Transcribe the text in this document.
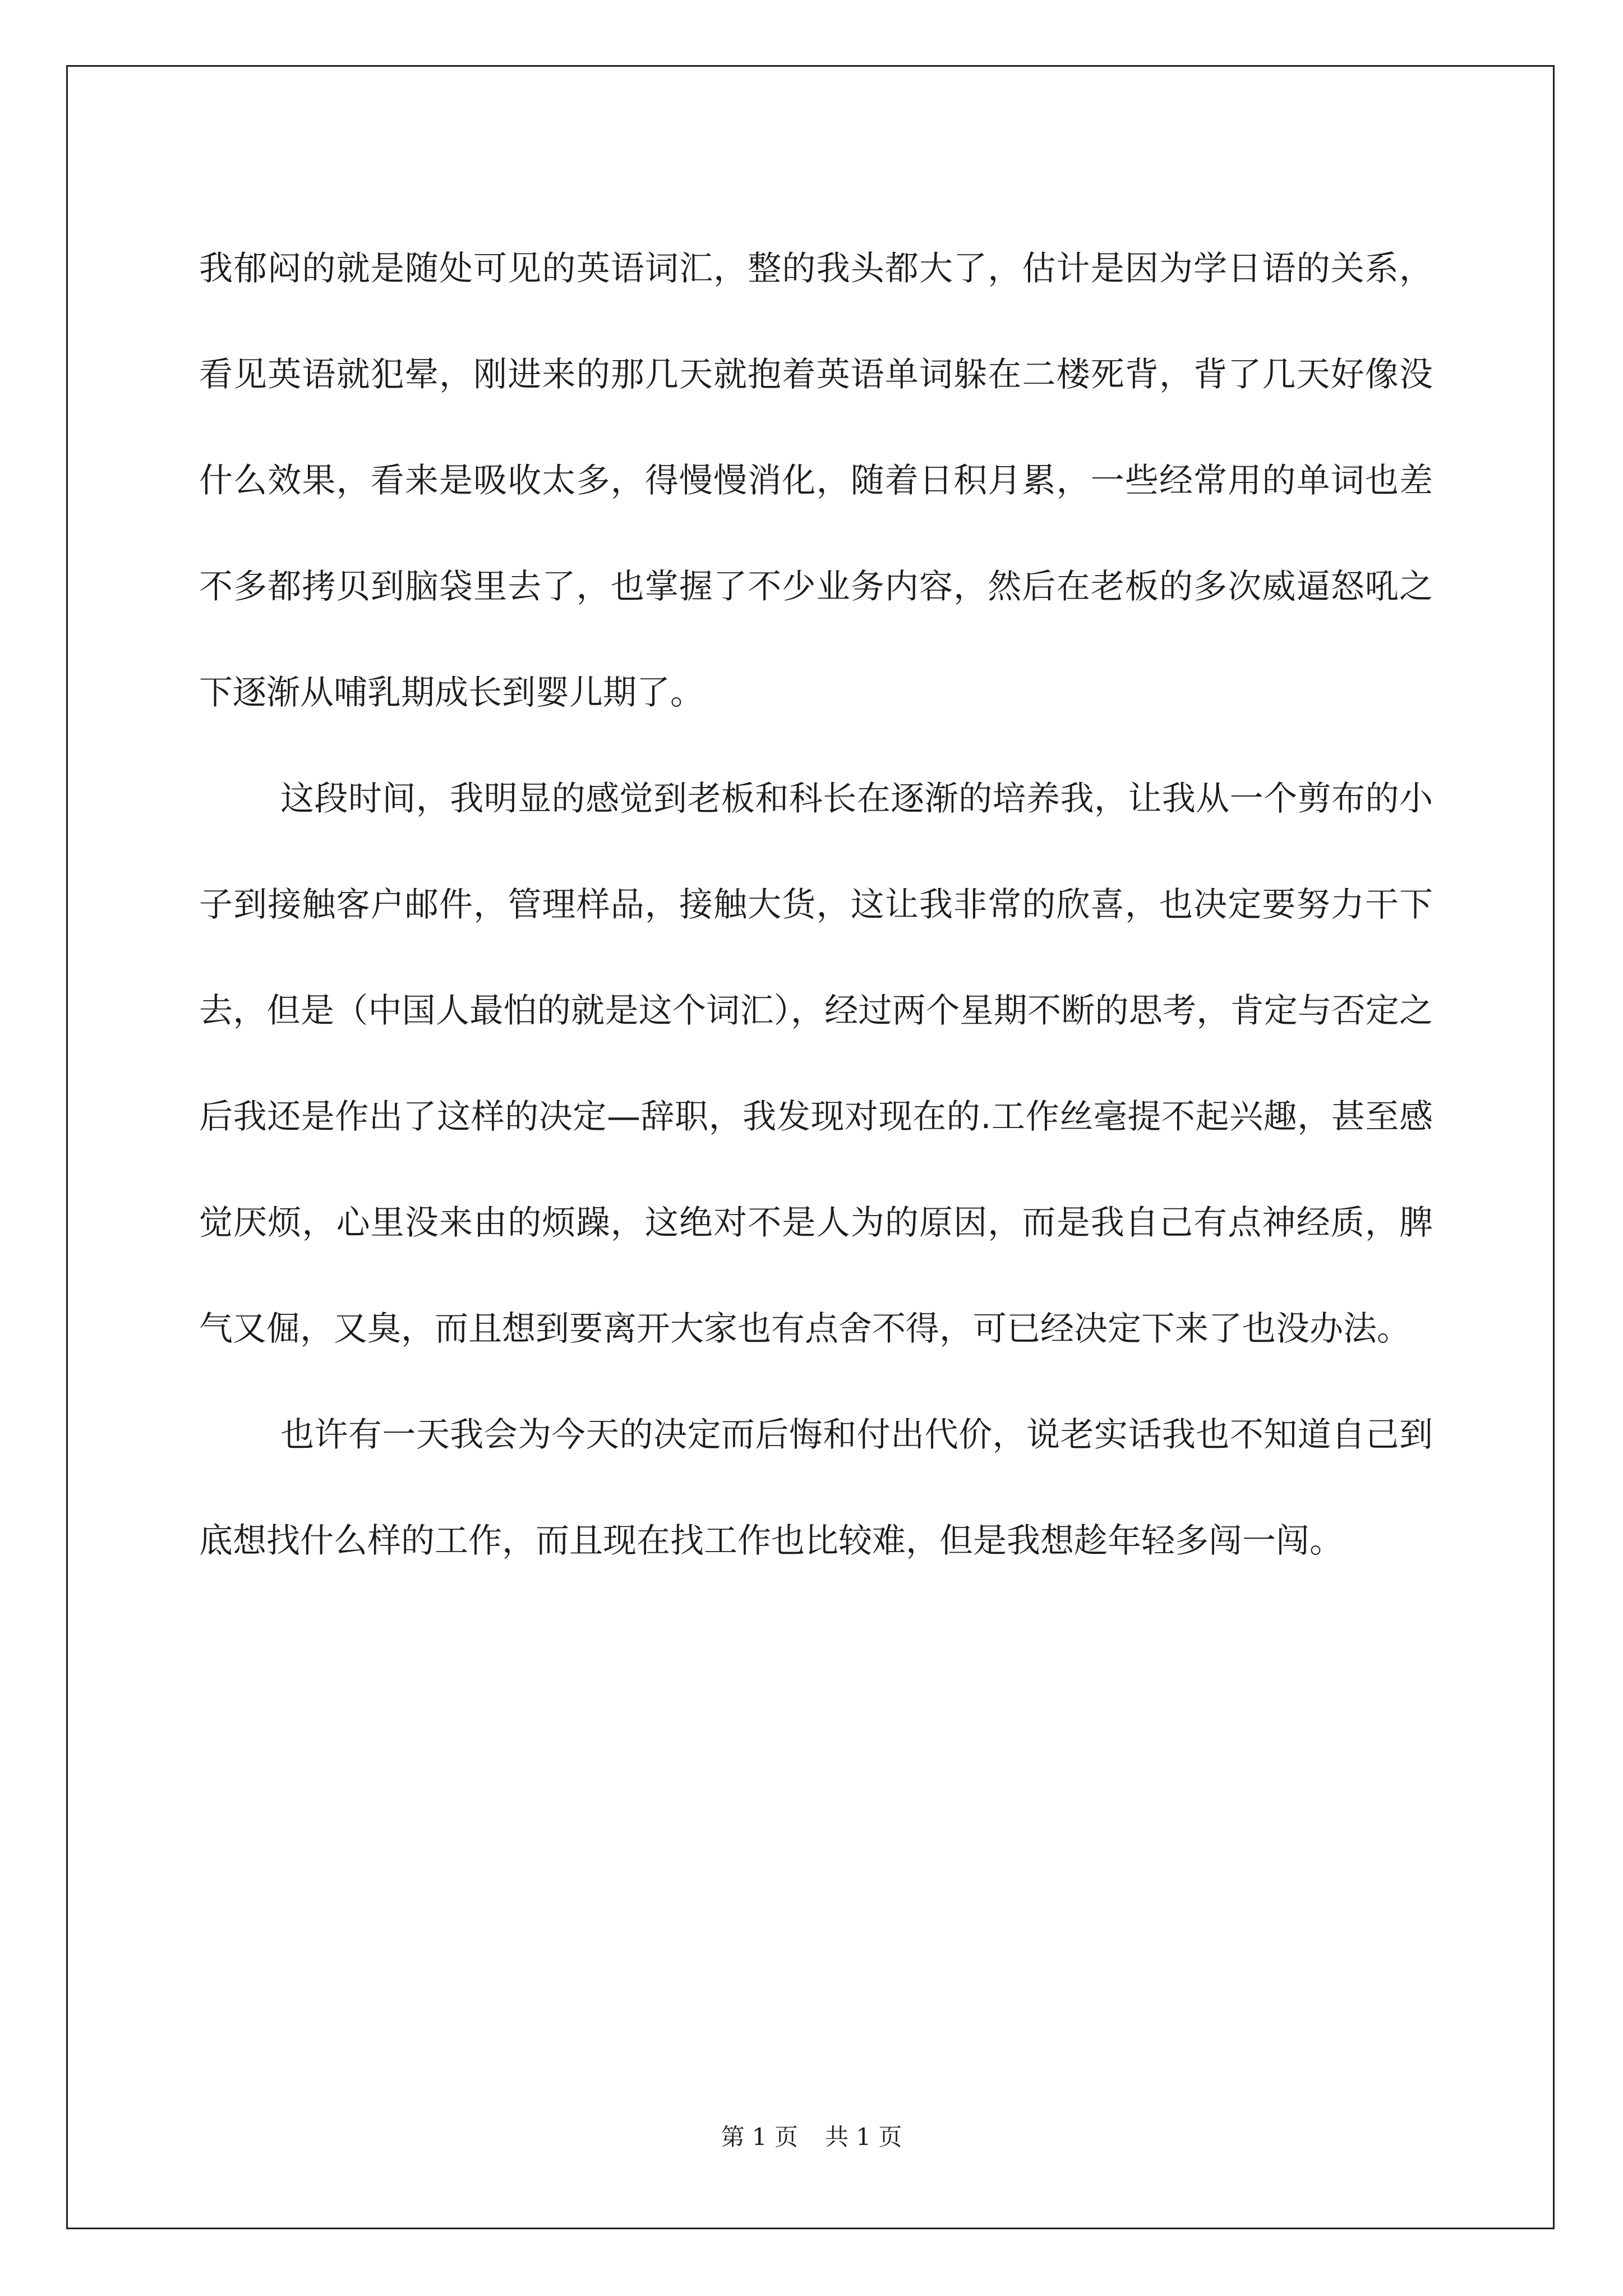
我郁闷的就是随处可见的英语词汇，整的我头都大了，估计是因为学日语的关系，看见英语就犯晕，刚进来的那几天就抱着英语单词躲在二楼死背，背了几天好像没什么效果，看来是吸收太多，得慢慢消化，随着日积月累，一些经常用的单词也差不多都拷贝到脑袋里去了，也掌握了不少业务内容，然后在老板的多次威逼怒吼之下逐渐从哺乳期成长到婴儿期了。

这段时间，我明显的感觉到老板和科长在逐渐的培养我，让我从一个剪布的小子到接触客户邮件，管理样品，接触大货，这让我非常的欣喜，也决定要努力干下去，但是（中国人最怕的就是这个词汇），经过两个星期不断的思考，肯定与否定之后我还是作出了这样的决定—辞职，我发现对现在的.工作丝毫提不起兴趣，甚至感觉厌烦，心里没来由的烦躁，这绝对不是人为的原因，而是我自己有点神经质，脾气又倔，又臭，而且想到要离开大家也有点舍不得，可已经决定下来了也没办法。

也许有一天我会为今天的决定而后悔和付出代价，说老实话我也不知道自己到底想找什么样的工作，而且现在找工作也比较难，但是我想趁年轻多闯一闯。

第 1 页 共 1 页
